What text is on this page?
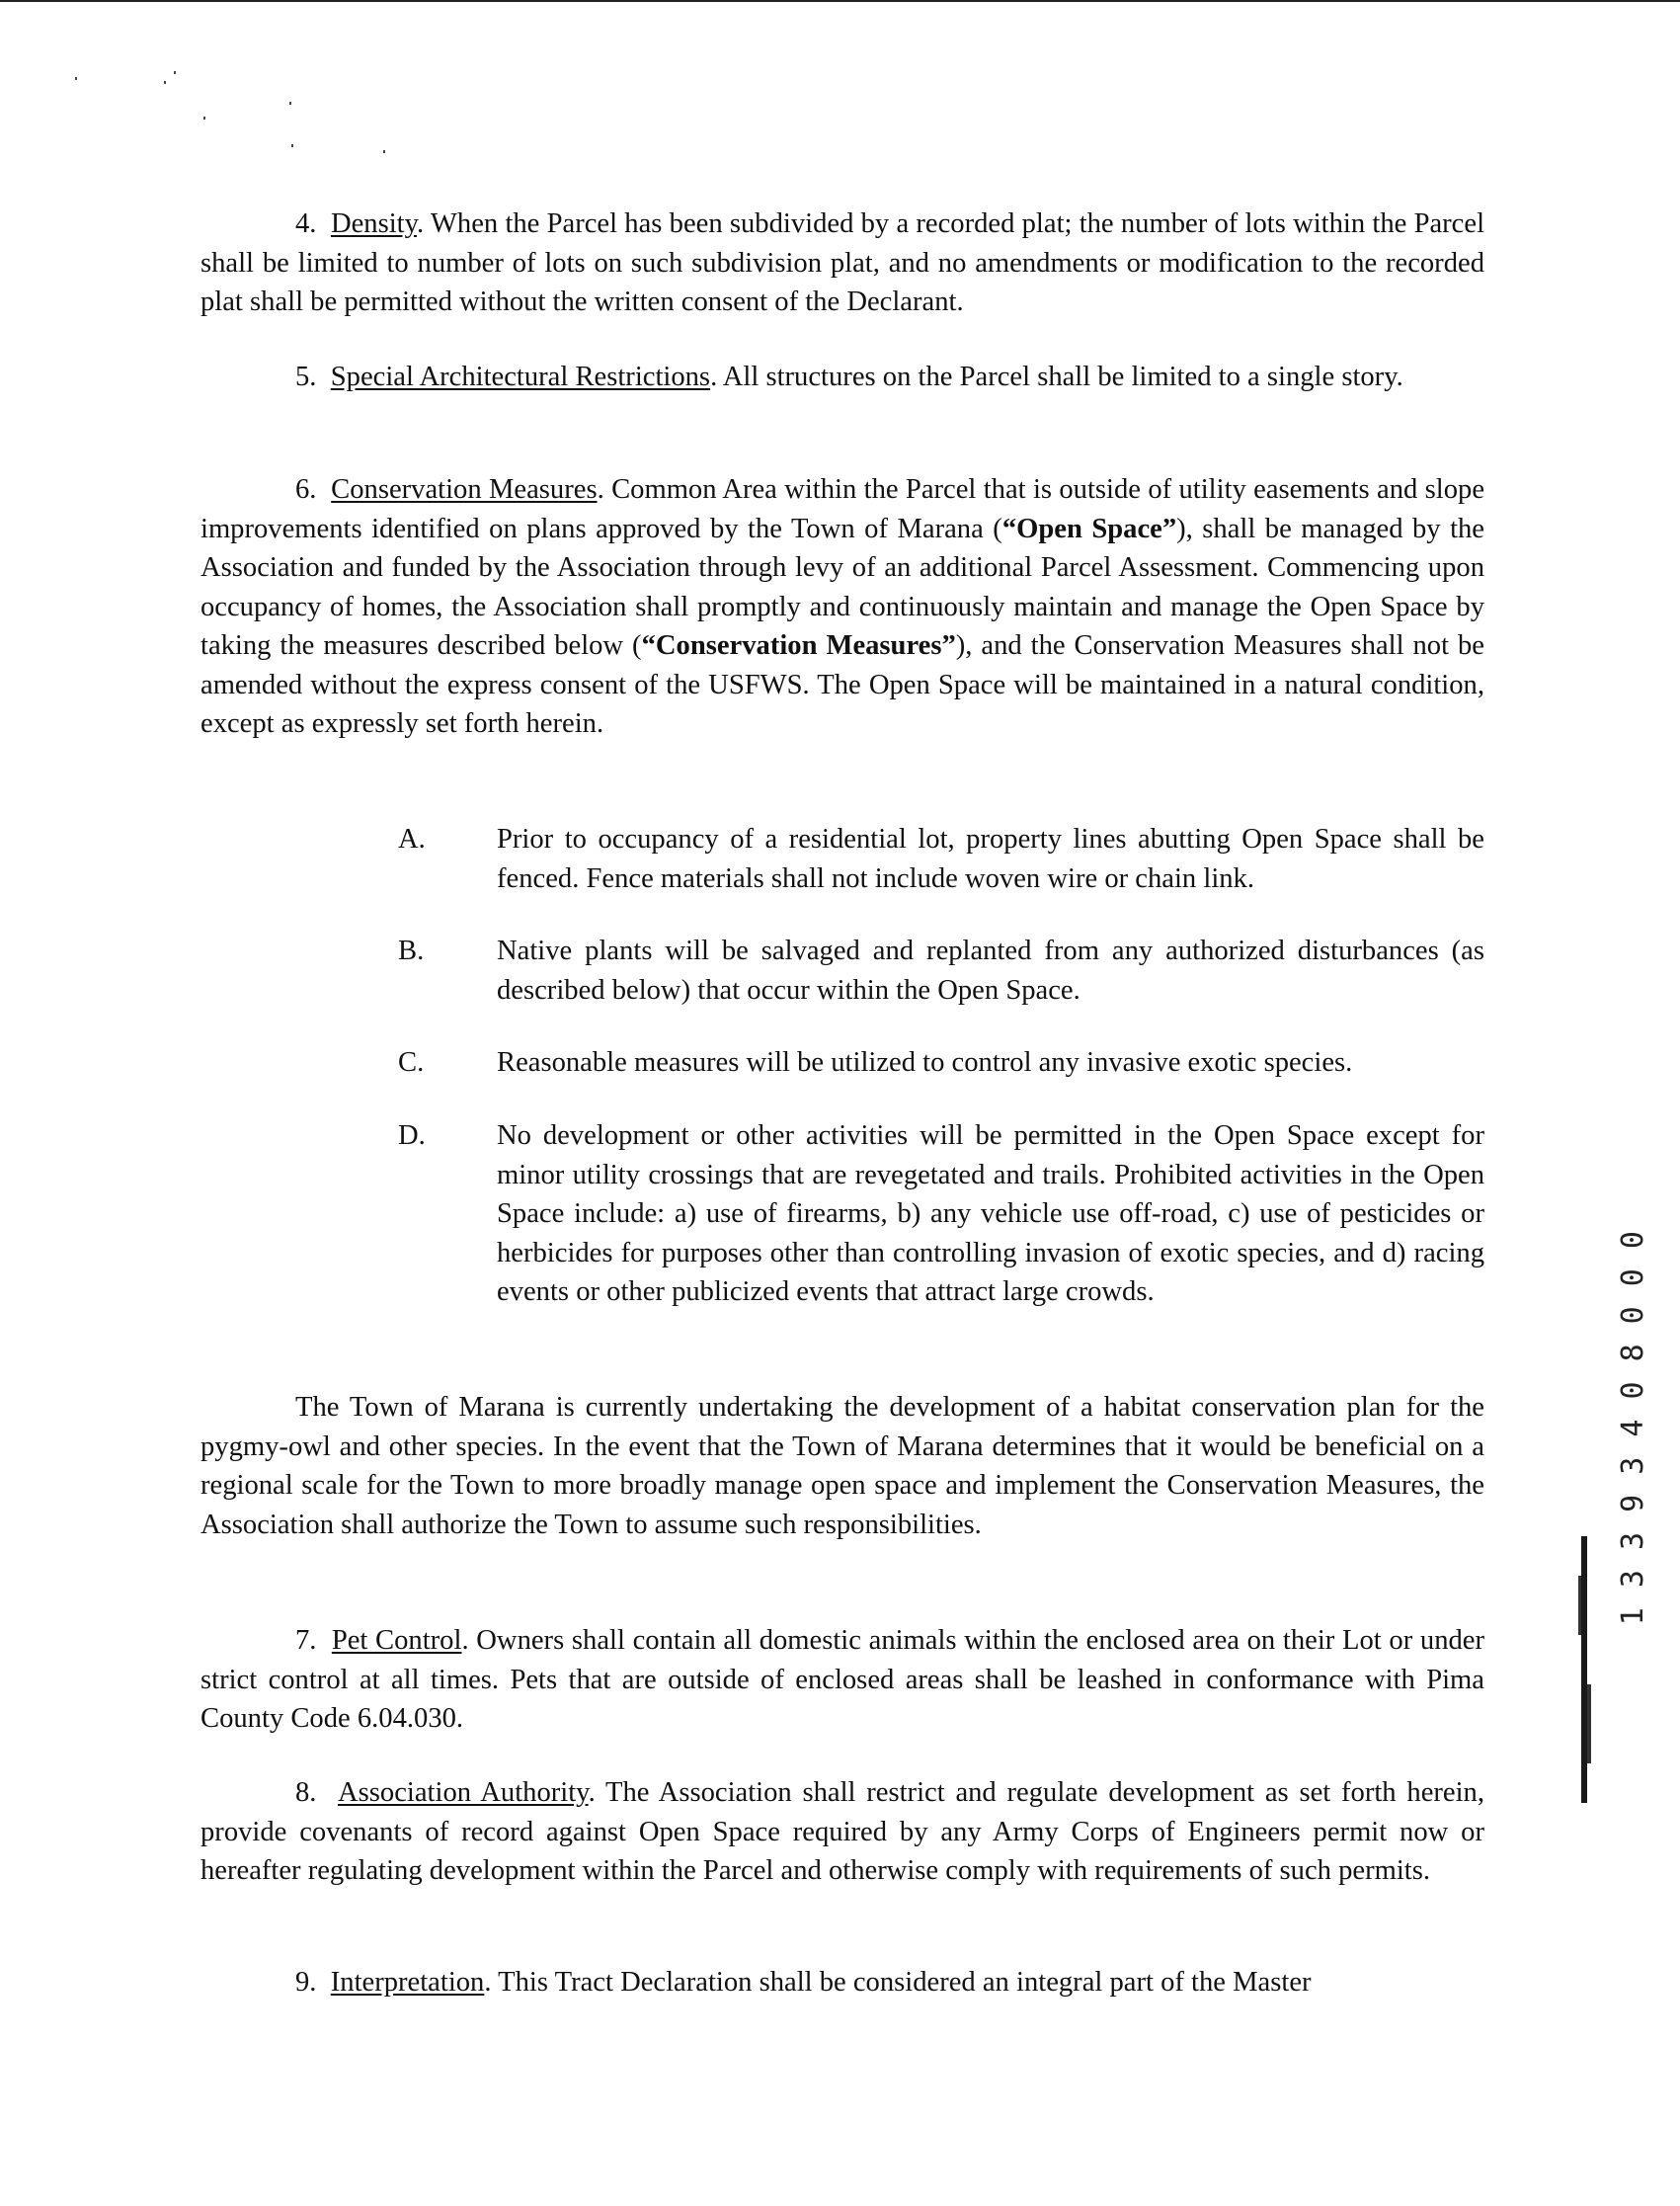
4. Density. When the Parcel has been subdivided by a recorded plat; the number of lots within the Parcel shall be limited to number of lots on such subdivision plat, and no amendments or modification to the recorded plat shall be permitted without the written consent of the Declarant.

5. Special Architectural Restrictions. All structures on the Parcel shall be limited to a single story.

6. Conservation Measures. Common Area within the Parcel that is outside of utility easements and slope improvements identified on plans approved by the Town of Marana (“Open Space”), shall be managed by the Association and funded by the Association through levy of an additional Parcel Assessment. Commencing upon occupancy of homes, the Association shall promptly and continuously maintain and manage the Open Space by taking the measures described below (“Conservation Measures”), and the Conservation Measures shall not be amended without the express consent of the USFWS. The Open Space will be maintained in a natural condition, except as expressly set forth herein.

A.	Prior to occupancy of a residential lot, property lines abutting Open Space shall be fenced. Fence materials shall not include woven wire or chain link.
B.	Native plants will be salvaged and replanted from any authorized disturbances (as described below) that occur within the Open Space.
C.	Reasonable measures will be utilized to control any invasive exotic species.
D.	No development or other activities will be permitted in the Open Space except for minor utility crossings that are revegetated and trails. Prohibited activities in the Open Space include: a) use of firearms, b) any vehicle use off-road, c) use of pesticides or herbicides for purposes other than controlling invasion of exotic species, and d) racing events or other publicized events that attract large crowds.

The Town of Marana is currently undertaking the development of a habitat conservation plan for the pygmy-owl and other species. In the event that the Town of Marana determines that it would be beneficial on a regional scale for the Town to more broadly manage open space and implement the Conservation Measures, the Association shall authorize the Town to assume such responsibilities.

7. Pet Control. Owners shall contain all domestic animals within the enclosed area on their Lot or under strict control at all times. Pets that are outside of enclosed areas shall be leashed in conformance with Pima County Code 6.04.030.

8. Association Authority. The Association shall restrict and regulate development as set forth herein, provide covenants of record against Open Space required by any Army Corps of Engineers permit now or hereafter regulating development within the Parcel and otherwise comply with requirements of such permits.

9. Interpretation. This Tract Declaration shall be considered an integral part of the Master

1 3 3 9 3 4 0 8 0 0 0
